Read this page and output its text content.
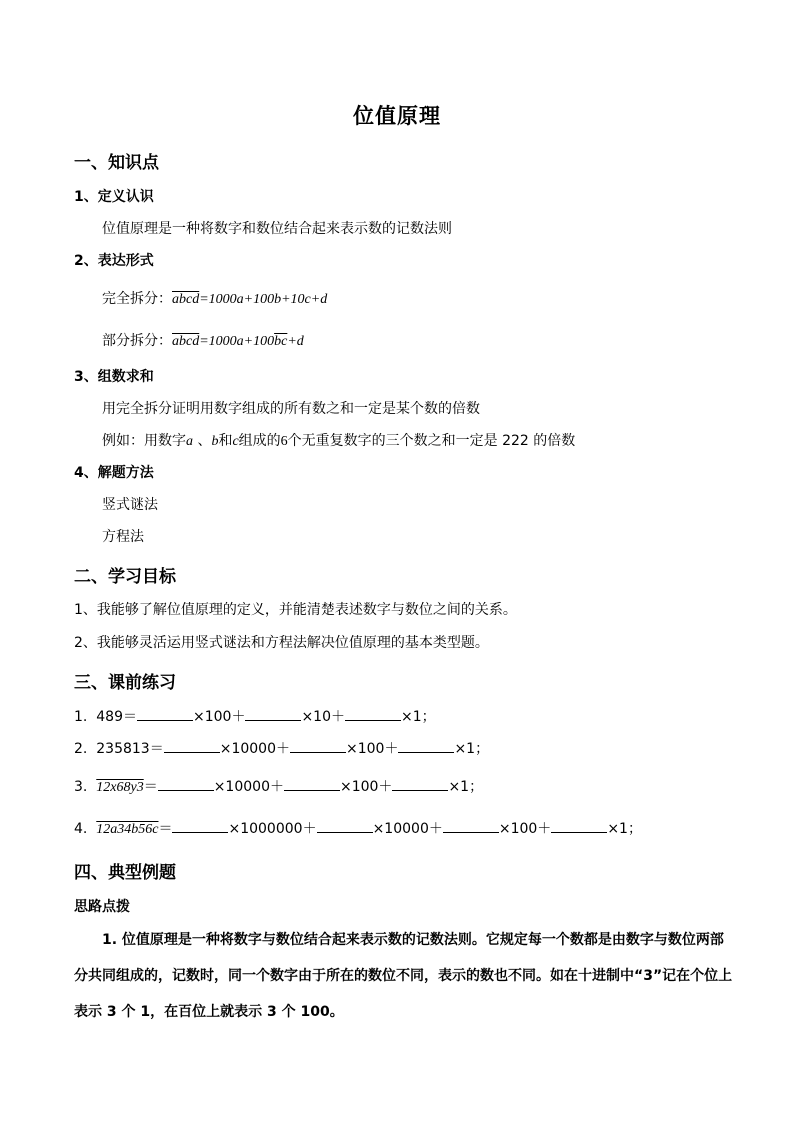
位值原理
一、知识点
1、定义认识
位值原理是一种将数字和数位结合起来表示数的记数法则
2、表达形式
完全拆分：abcd=1000a+100b+10c+d
部分拆分：$abcd=1000a+100\overline{bc}+d$
3、组数求和
用完全拆分证明用数字组成的所有数之和一定是某个数的倍数
例如：用数字a 、b和c组成的6个无重复数字的三个数之和一定是 222 的倍数
4、解题方法
竖式谜法
方程法
二、学习目标
1、我能够了解位值原理的定义，并能清楚表述数字与数位之间的关系。
2、我能够灵活运用竖式谜法和方程法解决位值原理的基本类型题。
三、课前练习
1. 489＝	×100＋	×10＋	×1；
2. 235813＝	×10000＋	×100＋	×1；
3. 12x68y3＝	×10000＋	×100＋	×1；
4. 12a34b56c＝	×1000000＋	×10000＋	×100＋	×1；
四、典型例题
思路点拨
1. 位值原理是一种将数字与数位结合起来表示数的记数法则。它规定每一个数都是由数字与数位两部分共同组成的，记数时，同一个数字由于所在的数位不同，表示的数也不同。如在十进制中“3”记在个位上表示 3 个 1，在百位上就表示 3 个 100。
